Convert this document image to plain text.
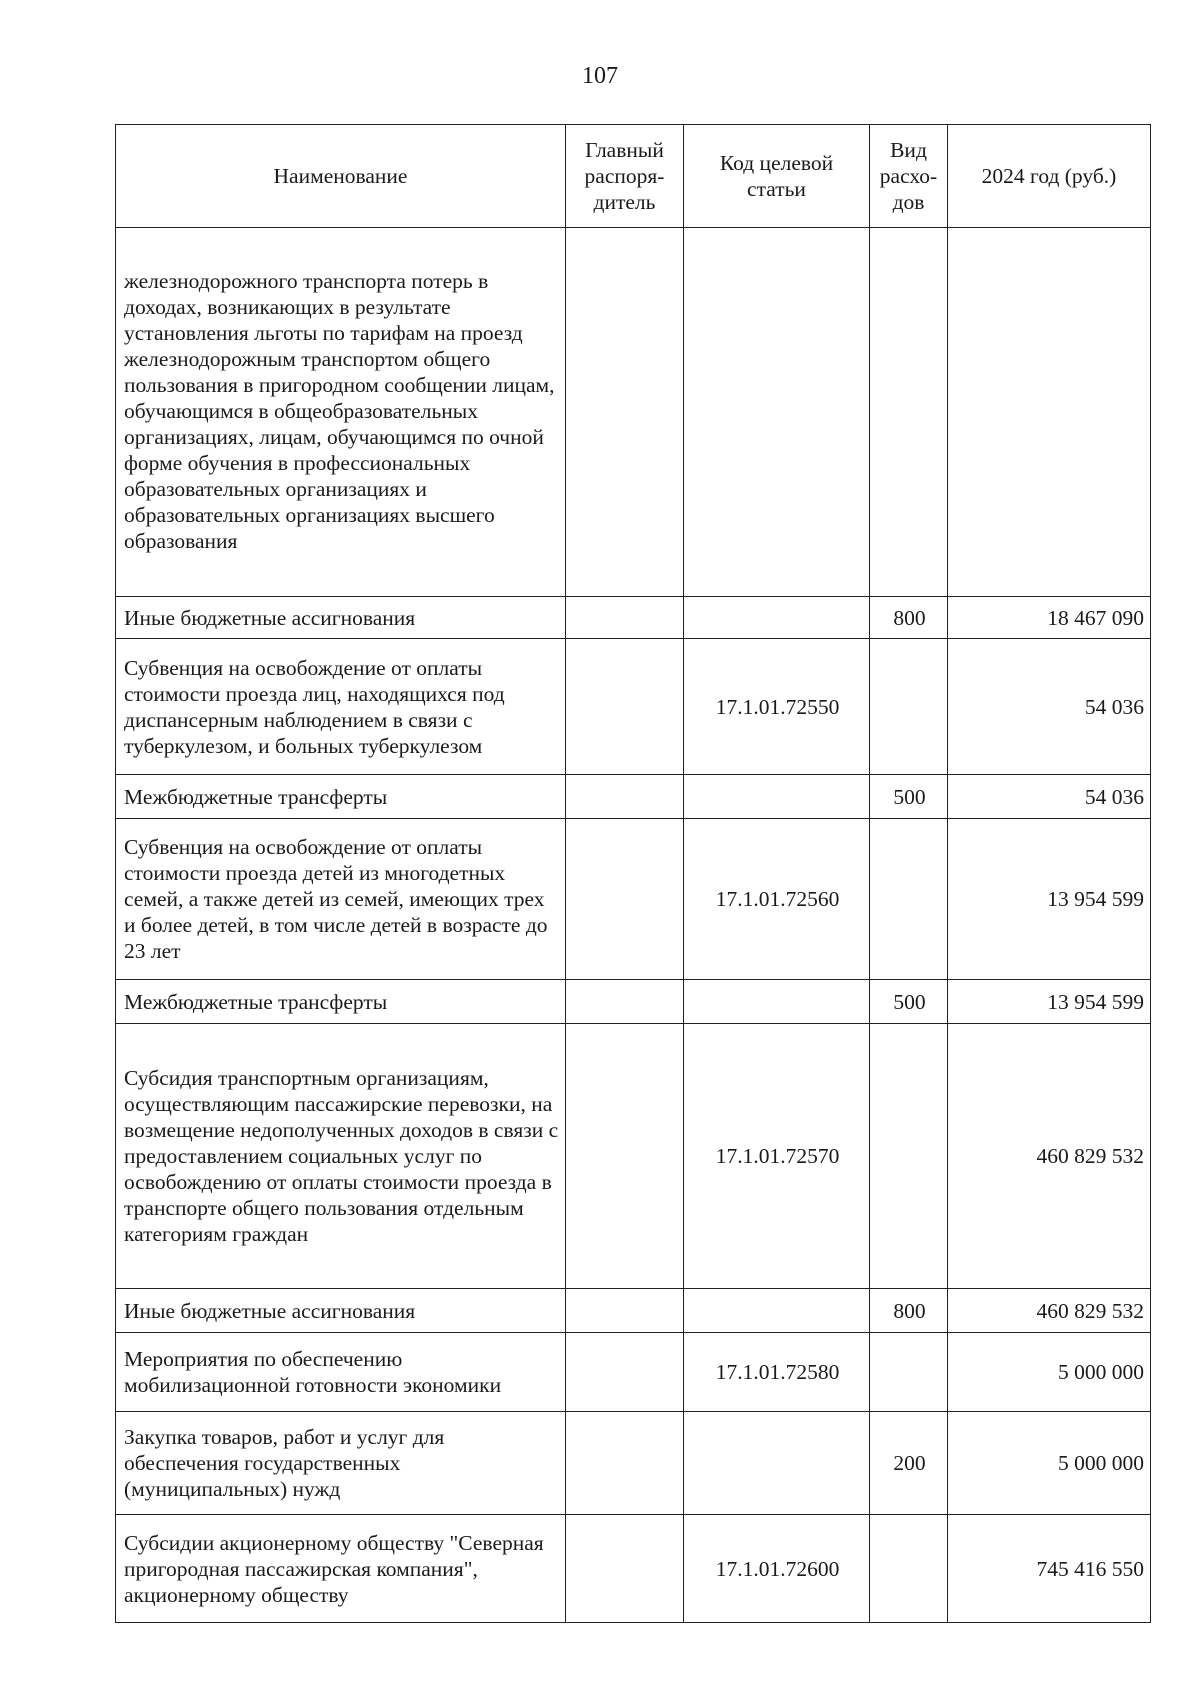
107
Наименование	Главный распоря-дитель	Код целевой статьи	Вид расхо-дов	2024 год (руб.)
железнодорожного транспорта потерь в доходах, возникающих в результате установления льготы по тарифам на проезд железнодорожным транспортом общего пользования в пригородном сообщении лицам, обучающимся в общеобразовательных организациях, лицам, обучающимся по очной форме обучения в профессиональных образовательных организациях и образовательных организациях высшего образования				
Иные бюджетные ассигнования			800	18 467 090
Субвенция на освобождение от оплаты стоимости проезда лиц, находящихся под диспансерным наблюдением в связи с туберкулезом, и больных туберкулезом		17.1.01.72550		54 036
Межбюджетные трансферты			500	54 036
Субвенция на освобождение от оплаты стоимости проезда детей из многодетных семей, а также детей из семей, имеющих трех и более детей, в том числе детей в возрасте до 23 лет		17.1.01.72560		13 954 599
Межбюджетные трансферты			500	13 954 599
Субсидия транспортным организациям, осуществляющим пассажирские перевозки, на возмещение недополученных доходов в связи с предоставлением социальных услуг по освобождению от оплаты стоимости проезда в транспорте общего пользования отдельным категориям граждан		17.1.01.72570		460 829 532
Иные бюджетные ассигнования			800	460 829 532
Мероприятия по обеспечению мобилизационной готовности экономики		17.1.01.72580		5 000 000
Закупка товаров, работ и услуг для обеспечения государственных (муниципальных) нужд			200	5 000 000
Субсидии акционерному обществу "Северная пригородная пассажирская компания", акционерному обществу		17.1.01.72600		745 416 550
